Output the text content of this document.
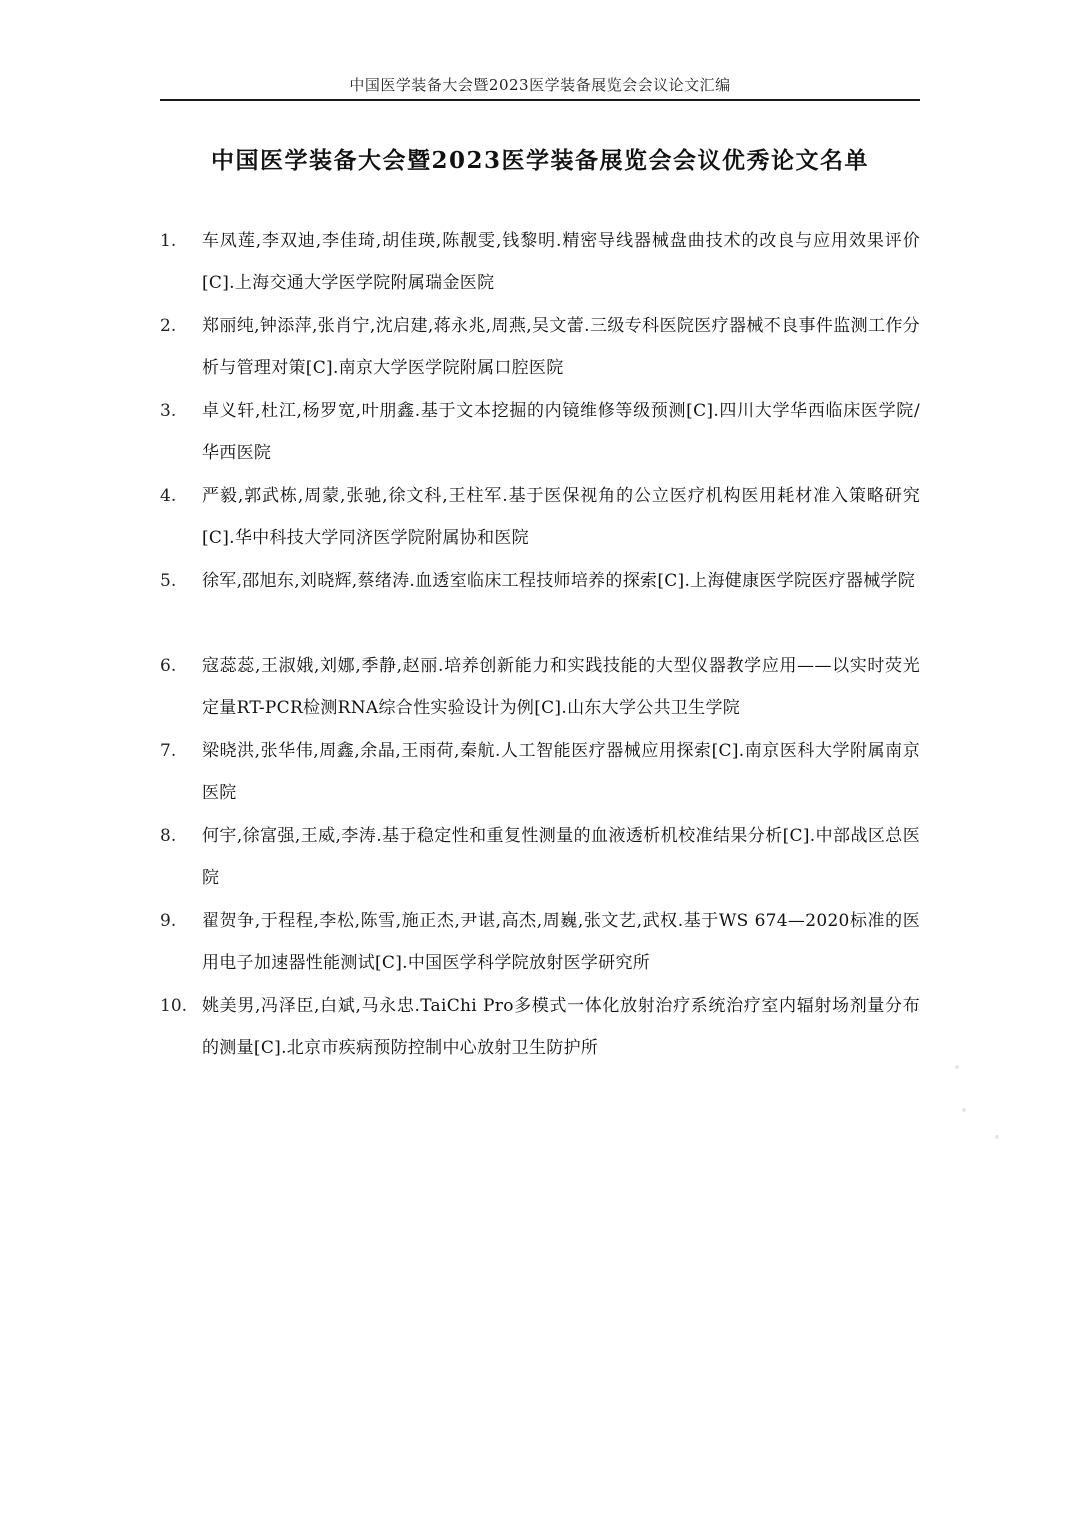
中国医学装备大会暨2023医学装备展览会会议论文汇编
中国医学装备大会暨2023医学装备展览会会议优秀论文名单
1.	车凤莲,李双迪,李佳琦,胡佳瑛,陈靓雯,钱黎明.精密导线器械盘曲技术的改良与应用效果评价[C].上海交通大学医学院附属瑞金医院
2.	郑丽纯,钟添萍,张肖宁,沈启建,蒋永兆,周燕,吴文蕾.三级专科医院医疗器械不良事件监测工作分析与管理对策[C].南京大学医学院附属口腔医院
3.	卓义轩,杜江,杨罗宽,叶朋鑫.基于文本挖掘的内镜维修等级预测[C].四川大学华西临床医学院/华西医院
4.	严毅,郭武栋,周蒙,张驰,徐文科,王柱军.基于医保视角的公立医疗机构医用耗材准入策略研究[C].华中科技大学同济医学院附属协和医院
5.	徐军,邵旭东,刘晓辉,蔡绪涛.血透室临床工程技师培养的探索[C].上海健康医学院医疗器械学院
6.	寇蕊蕊,王淑娥,刘娜,季静,赵丽.培养创新能力和实践技能的大型仪器教学应用——以实时荧光定量RT-PCR检测RNA综合性实验设计为例[C].山东大学公共卫生学院
7.	梁晓洪,张华伟,周鑫,余晶,王雨荷,秦航.人工智能医疗器械应用探索[C].南京医科大学附属南京医院
8.	何宇,徐富强,王威,李涛.基于稳定性和重复性测量的血液透析机校准结果分析[C].中部战区总医院
9.	翟贺争,于程程,李松,陈雪,施正杰,尹谌,高杰,周巍,张文艺,武权.基于WS 674—2020标准的医用电子加速器性能测试[C].中国医学科学院放射医学研究所
10. 姚美男,冯泽臣,白斌,马永忠.TaiChi Pro多模式一体化放射治疗系统治疗室内辐射场剂量分布的测量[C].北京市疾病预防控制中心放射卫生防护所
